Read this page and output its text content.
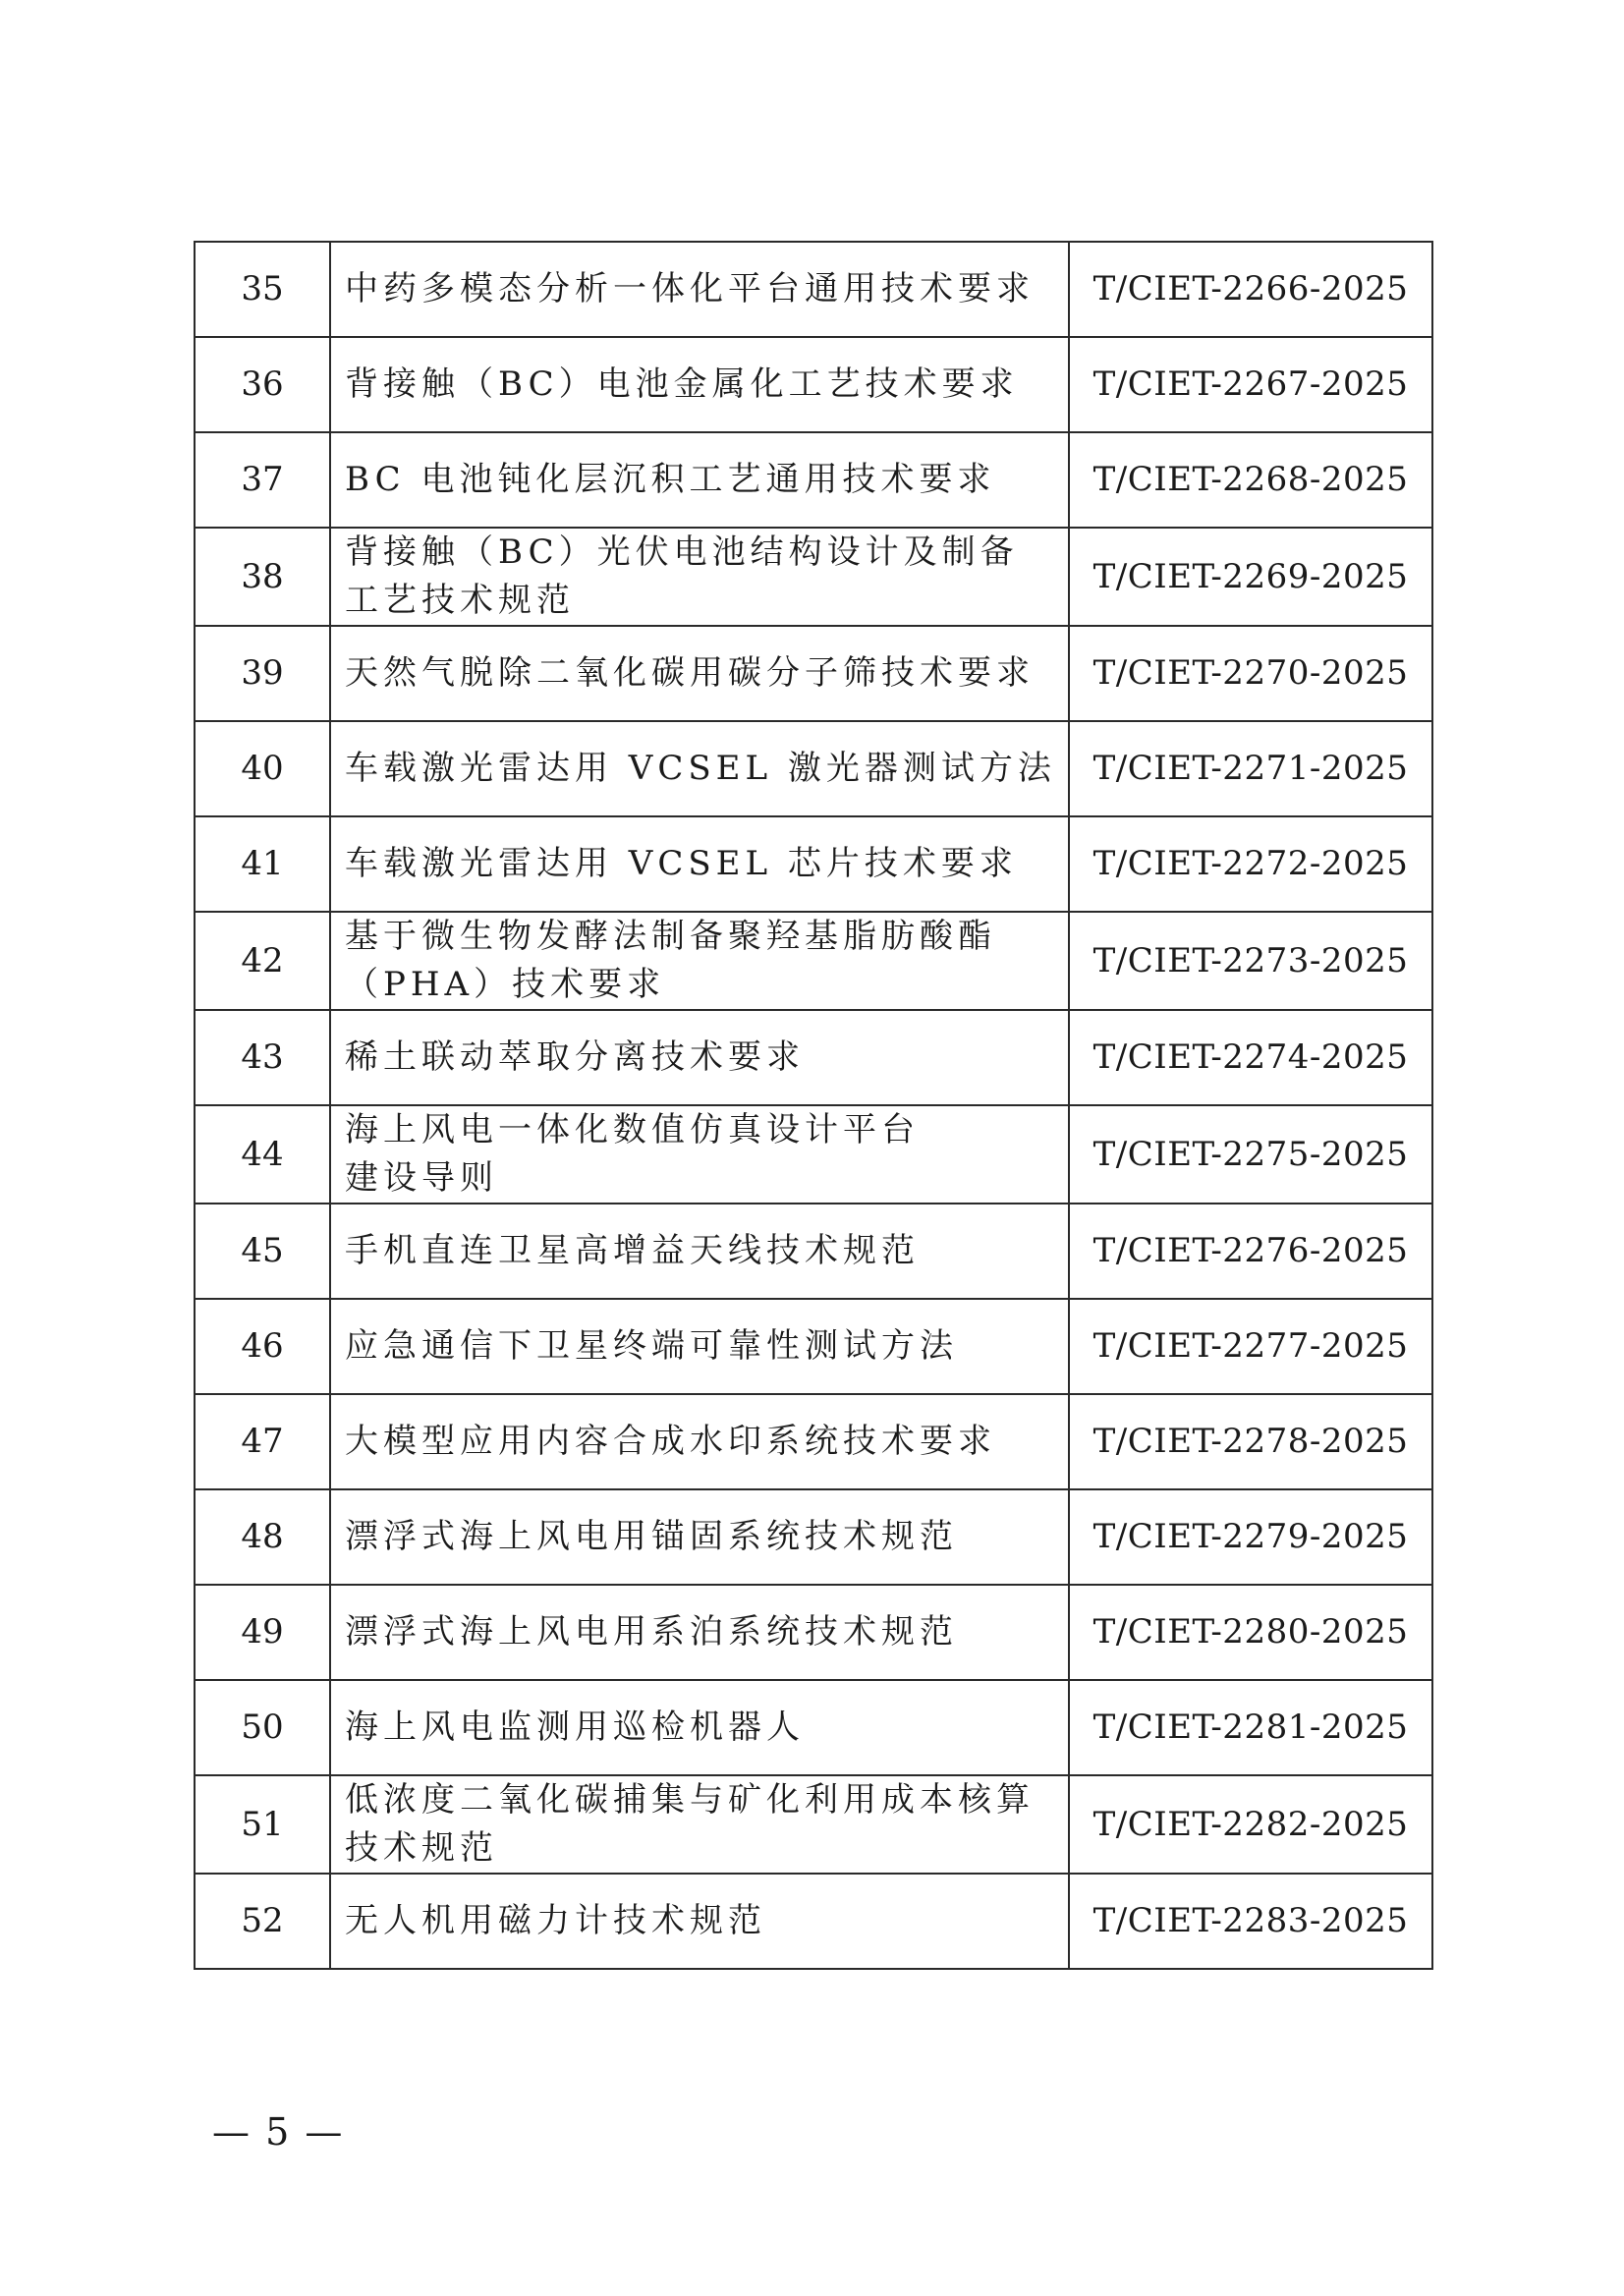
35	中药多模态分析一体化平台通用技术要求	T/CIET-2266-2025
36	背接触（BC）电池金属化工艺技术要求	T/CIET-2267-2025
37	BC 电池钝化层沉积工艺通用技术要求	T/CIET-2268-2025
38	背接触（BC）光伏电池结构设计及制备
工艺技术规范	T/CIET-2269-2025
39	天然气脱除二氧化碳用碳分子筛技术要求	T/CIET-2270-2025
40	车载激光雷达用 VCSEL 激光器测试方法	T/CIET-2271-2025
41	车载激光雷达用 VCSEL 芯片技术要求	T/CIET-2272-2025
42	基于微生物发酵法制备聚羟基脂肪酸酯
（PHA）技术要求	T/CIET-2273-2025
43	稀土联动萃取分离技术要求	T/CIET-2274-2025
44	海上风电一体化数值仿真设计平台
建设导则	T/CIET-2275-2025
45	手机直连卫星高增益天线技术规范	T/CIET-2276-2025
46	应急通信下卫星终端可靠性测试方法	T/CIET-2277-2025
47	大模型应用内容合成水印系统技术要求	T/CIET-2278-2025
48	漂浮式海上风电用锚固系统技术规范	T/CIET-2279-2025
49	漂浮式海上风电用系泊系统技术规范	T/CIET-2280-2025
50	海上风电监测用巡检机器人	T/CIET-2281-2025
51	低浓度二氧化碳捕集与矿化利用成本核算
技术规范	T/CIET-2282-2025
52	无人机用磁力计技术规范	T/CIET-2283-2025
— 5 —
